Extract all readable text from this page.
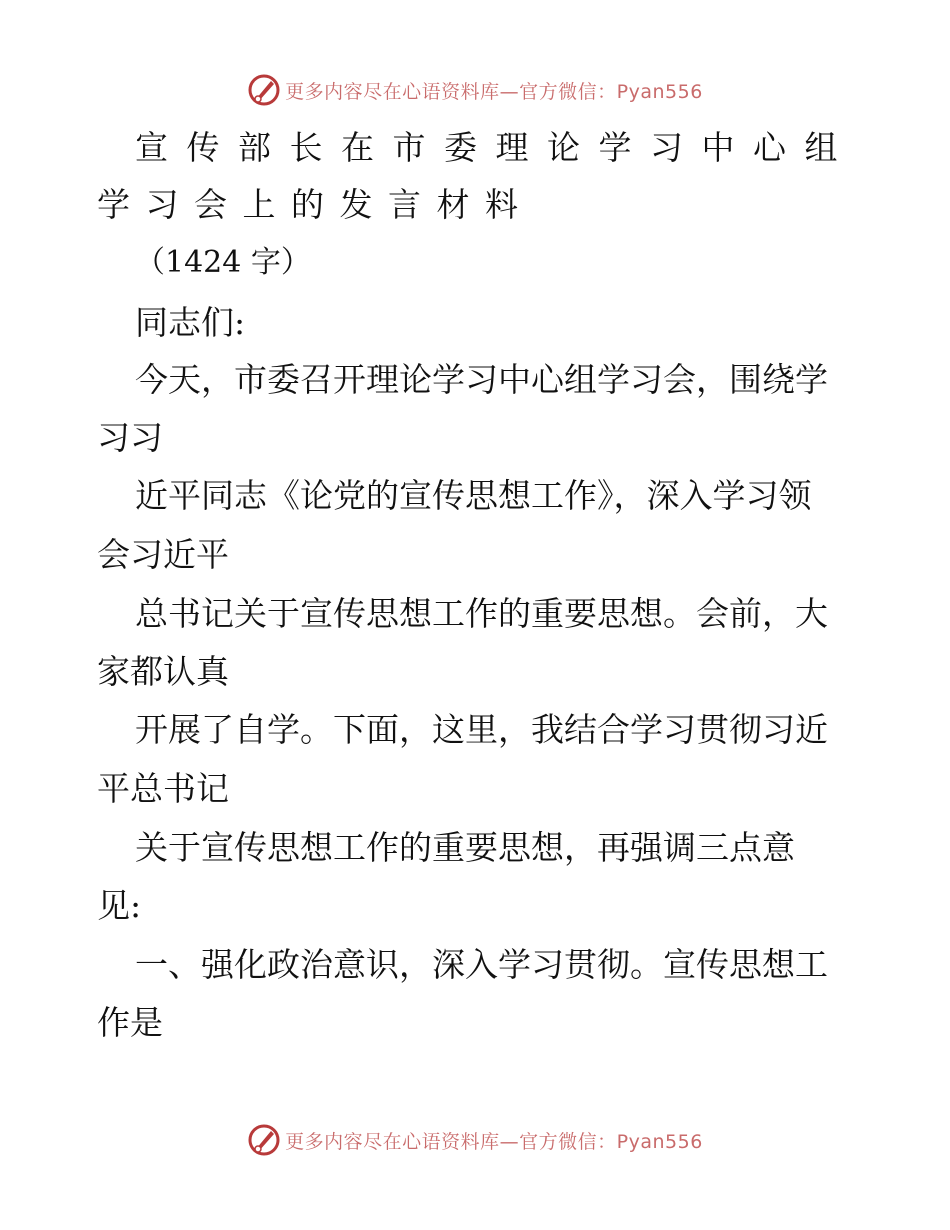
更多内容尽在心语资料库—官方微信：Pyan556
宣传部长在市委理论学习中心组
学习会上的发言材料
（1424 字）
同志们:
今天，市委召开理论学习中心组学习会，围绕学
习习
近平同志《论党的宣传思想工作》，深入学习领
会习近平
总书记关于宣传思想工作的重要思想。会前，大
家都认真
开展了自学。下面，这里，我结合学习贯彻习近
平总书记
关于宣传思想工作的重要思想，再强调三点意
见:
一、强化政治意识，深入学习贯彻。宣传思想工
作是
更多内容尽在心语资料库—官方微信：Pyan556
